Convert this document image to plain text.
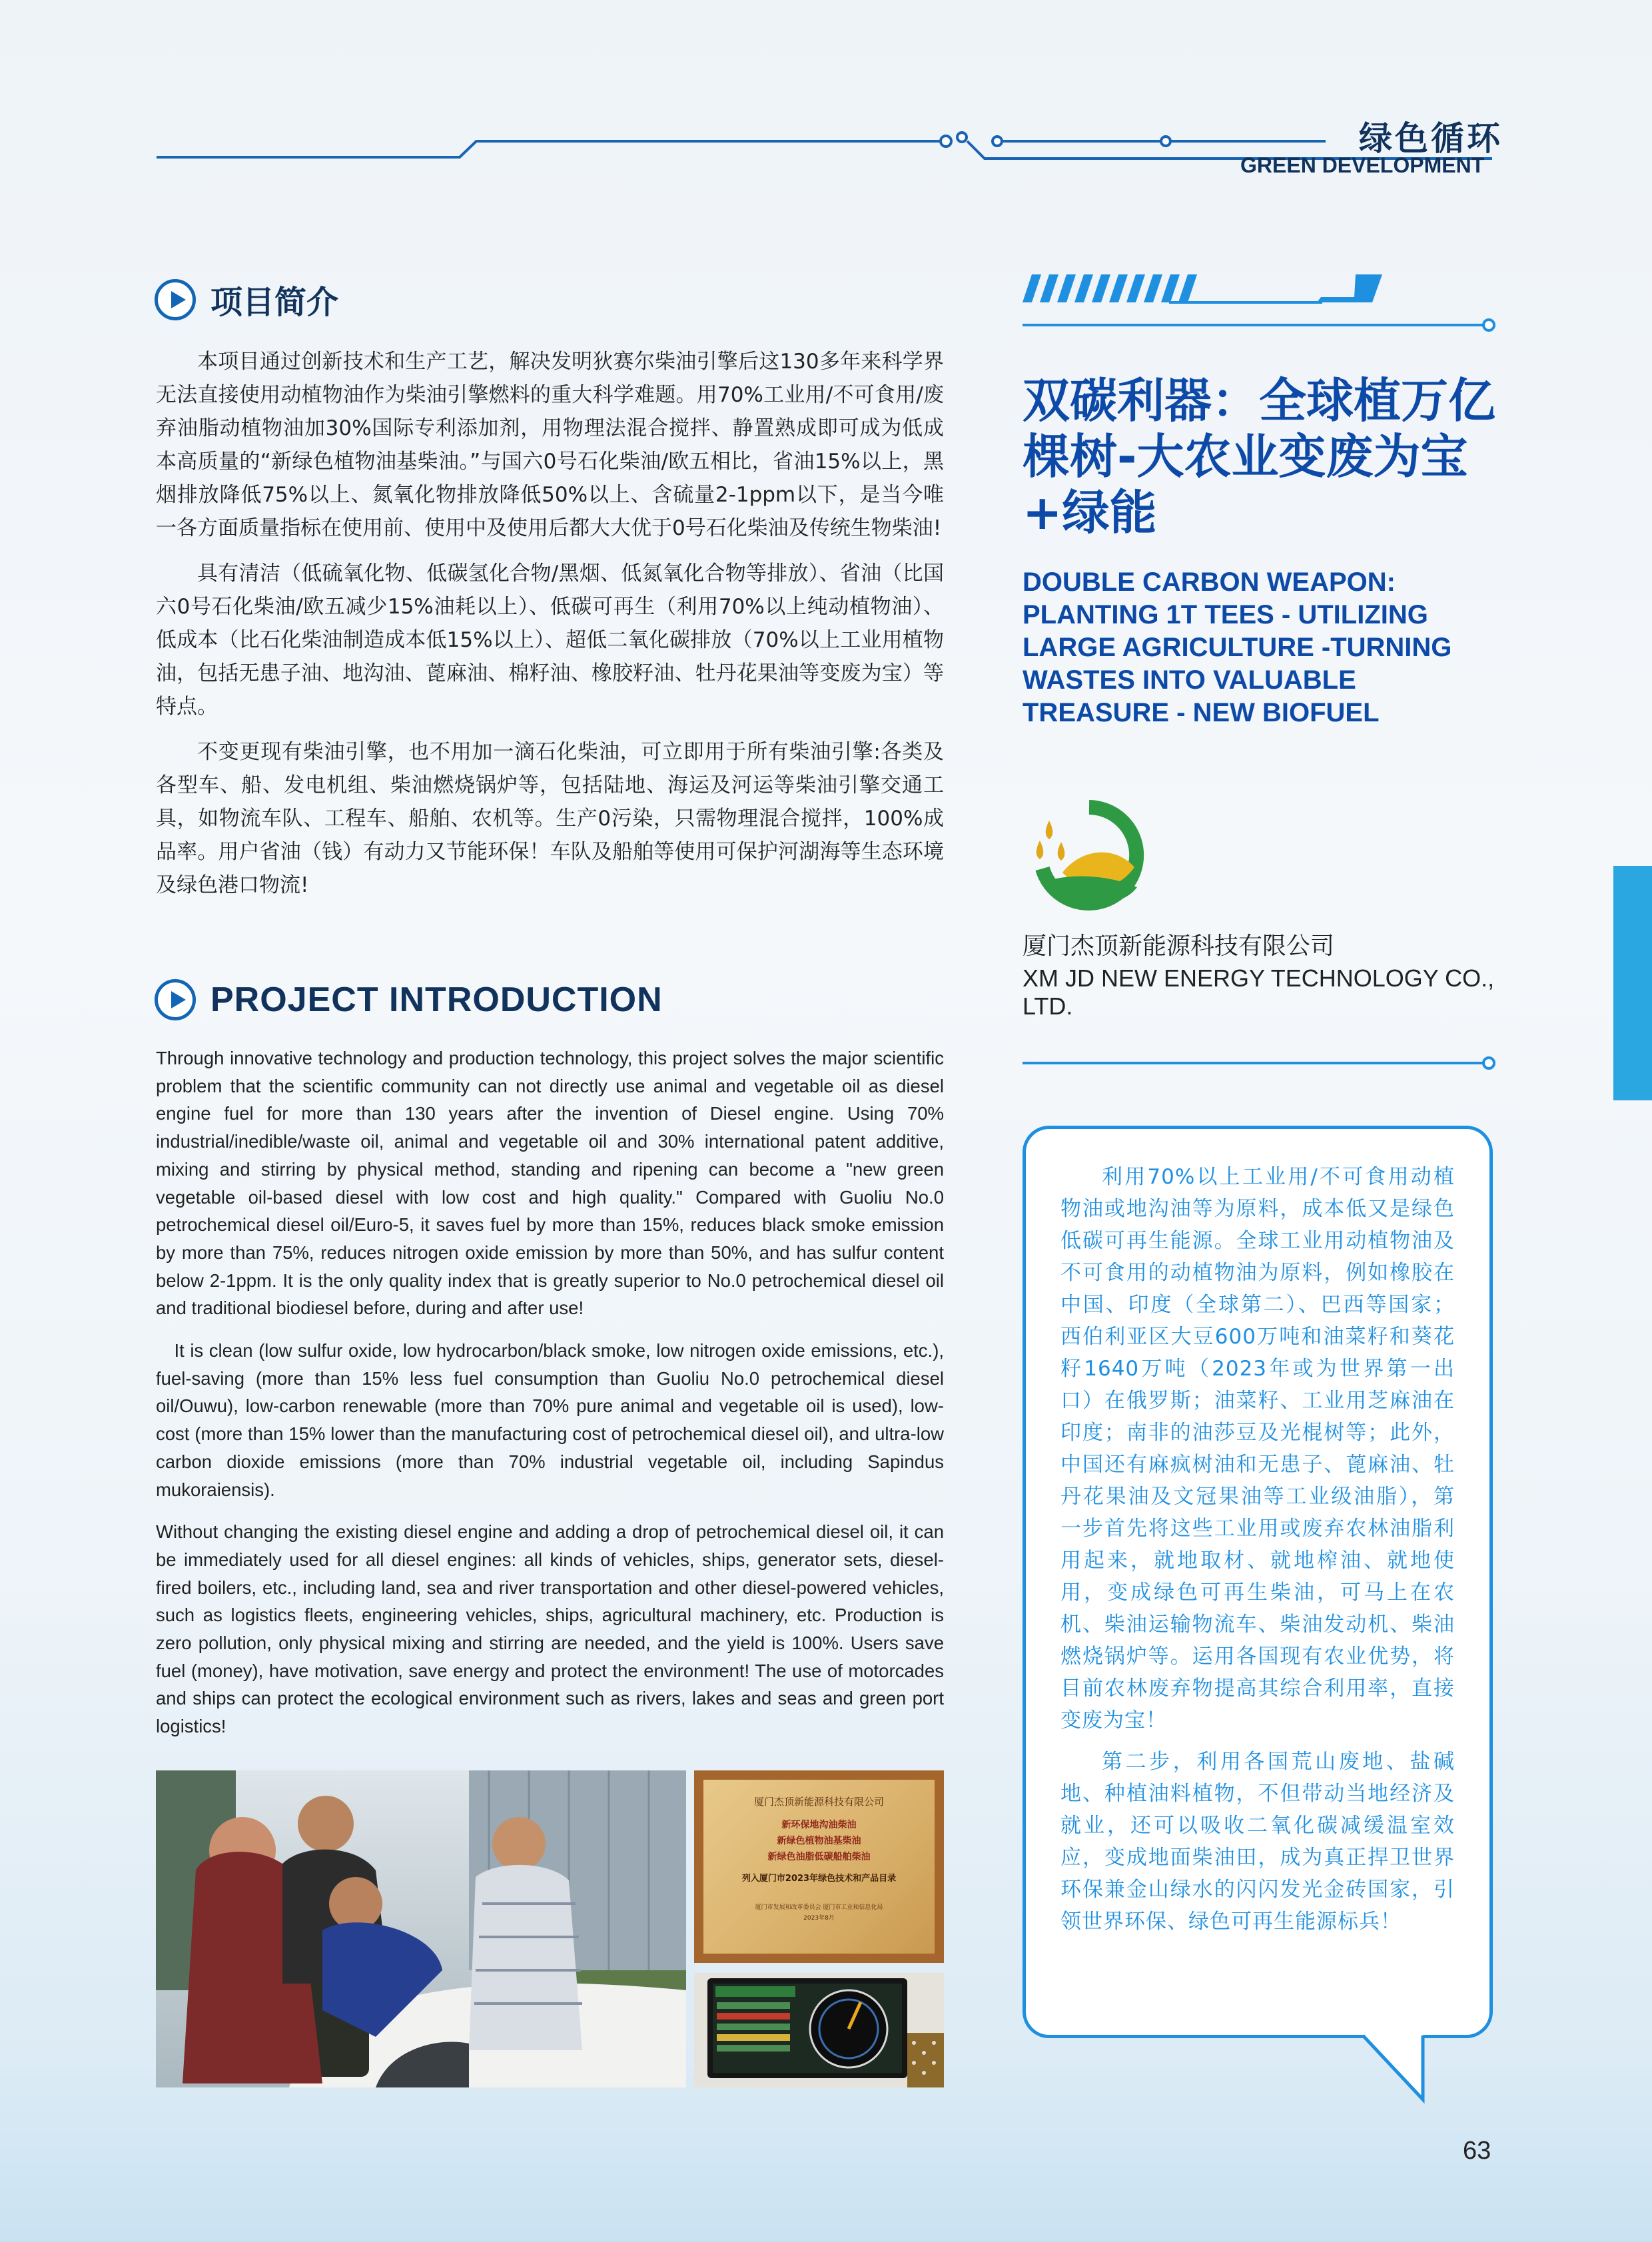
绿色循环
GREEN DEVELOPMENT
项目简介

本项目通过创新技术和生产工艺，解决发明狄赛尔柴油引擎后这130多年来科学界无法直接使用动植物油作为柴油引擎燃料的重大科学难题。用70%工业用/不可食用/废弃油脂动植物油加30%国际专利添加剂，用物理法混合搅拌、静置熟成即可成为低成本高质量的“新绿色植物油基柴油。”与国六0号石化柴油/欧五相比，省油15%以上，黑烟排放降低75%以上、氮氧化物排放降低50%以上、含硫量2-1ppm以下，是当今唯一各方面质量指标在使用前、使用中及使用后都大大优于0号石化柴油及传统生物柴油!

具有清洁（低硫氧化物、低碳氢化合物/黑烟、低氮氧化合物等排放）、省油（比国六0号石化柴油/欧五减少15%油耗以上）、低碳可再生（利用70%以上纯动植物油）、低成本（比石化柴油制造成本低15%以上）、超低二氧化碳排放（70%以上工业用植物油，包括无患子油、地沟油、蓖麻油、棉籽油、橡胶籽油、牡丹花果油等变废为宝）等特点。

不变更现有柴油引擎，也不用加一滴石化柴油，可立即用于所有柴油引擎:各类及各型车、船、发电机组、柴油燃烧锅炉等，包括陆地、海运及河运等柴油引擎交通工具，如物流车队、工程车、船舶、农机等。生产0污染，只需物理混合搅拌，100%成品率。用户省油（钱）有动力又节能环保！车队及船舶等使用可保护河湖海等生态环境及绿色港口物流!

PROJECT INTRODUCTION

Through innovative technology and production technology, this project solves the major scientific problem that the scientific community can not directly use animal and vegetable oil as diesel engine fuel for more than 130 years after the invention of Diesel engine. Using 70% industrial/inedible/waste oil, animal and vegetable oil and 30% international patent additive, mixing and stirring by physical method, standing and ripening can become a "new green vegetable oil-based diesel with low cost and high quality." Compared with Guoliu No.0 petrochemical diesel oil/Euro-5, it saves fuel by more than 15%, reduces black smoke emission by more than 75%, reduces nitrogen oxide emission by more than 50%, and has sulfur content below 2-1ppm. It is the only quality index that is greatly superior to No.0 petrochemical diesel oil and traditional biodiesel before, during and after use!

It is clean (low sulfur oxide, low hydrocarbon/black smoke, low nitrogen oxide emissions, etc.), fuel-saving (more than 15% less fuel consumption than Guoliu No.0 petrochemical diesel oil/Ouwu), low-carbon renewable (more than 70% pure animal and vegetable oil is used), low-cost (more than 15% lower than the manufacturing cost of petrochemical diesel oil), and ultra-low carbon dioxide emissions (more than 70% industrial vegetable oil, including Sapindus mukoraiensis).

Without changing the existing diesel engine and adding a drop of petrochemical diesel oil, it can be immediately used for all diesel engines: all kinds of vehicles, ships, generator sets, diesel-fired boilers, etc., including land, sea and river transportation and other diesel-powered vehicles, such as logistics fleets, engineering vehicles, ships, agricultural machinery, etc. Production is zero pollution, only physical mixing and stirring are needed, and the yield is 100%. Users save fuel (money), have motivation, save energy and protect the environment! The use of motorcades and ships can protect the ecological environment such as rivers, lakes and seas and green port logistics!

厦门杰顶新能源科技有限公司
新环保地沟油柴油
新绿色植物油基柴油
新绿色油脂低碳船舶柴油
列入厦门市2023年绿色技术和产品目录
厦门市发展和改革委员会 厦门市工业和信息化局
2023年8月
双碳利器：全球植万亿棵树-大农业变废为宝+绿能
DOUBLE CARBON WEAPON: PLANTING 1T TEES - UTILIZING LARGE AGRICULTURE -TURNING WASTES INTO VALUABLE TREASURE - NEW BIOFUEL
厦门杰顶新能源科技有限公司
XM JD NEW ENERGY TECHNOLOGY CO., LTD.

利用70%以上工业用/不可食用动植物油或地沟油等为原料，成本低又是绿色低碳可再生能源。全球工业用动植物油及不可食用的动植物油为原料，例如橡胶在中国、印度（全球第二）、巴西等国家；西伯利亚区大豆600万吨和油菜籽和葵花籽1640万吨（2023年或为世界第一出口）在俄罗斯；油菜籽、工业用芝麻油在印度；南非的油莎豆及光棍树等；此外，中国还有麻疯树油和无患子、蓖麻油、牡丹花果油及文冠果油等工业级油脂），第一步首先将这些工业用或废弃农林油脂利用起来，就地取材、就地榨油、就地使用，变成绿色可再生柴油，可马上在农机、柴油运输物流车、柴油发动机、柴油燃烧锅炉等。运用各国现有农业优势，将目前农林废弃物提高其综合利用率，直接变废为宝！

第二步，利用各国荒山废地、盐碱地、种植油料植物，不但带动当地经济及就业，还可以吸收二氧化碳减缓温室效应，变成地面柴油田，成为真正捍卫世界环保兼金山绿水的闪闪发光金砖国家，引领世界环保、绿色可再生能源标兵！

63
